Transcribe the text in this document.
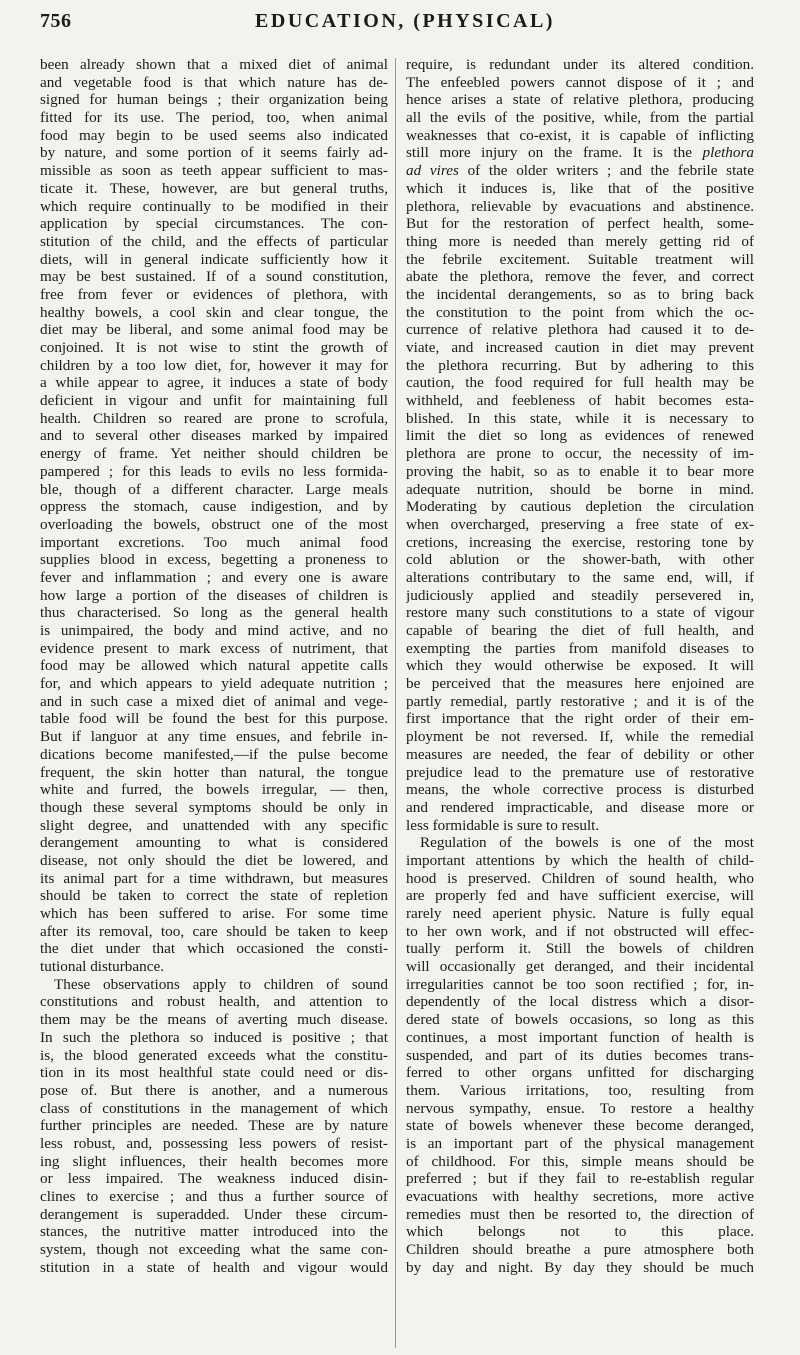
756	EDUCATION, (PHYSICAL)
been already shown that a mixed diet of animal
and vegetable food is that which nature has de-
signed for human beings ; their organization being
fitted for its use. The period, too, when animal
food may begin to be used seems also indicated
by nature, and some portion of it seems fairly ad-
missible as soon as teeth appear sufficient to mas-
ticate it. These, however, are but general truths,
which require continually to be modified in their
application by special circumstances. The con-
stitution of the child, and the effects of particular
diets, will in general indicate sufficiently how it
may be best sustained. If of a sound constitution,
free from fever or evidences of plethora, with
healthy bowels, a cool skin and clear tongue, the
diet may be liberal, and some animal food may be
conjoined. It is not wise to stint the growth of
children by a too low diet, for, however it may for
a while appear to agree, it induces a state of body
deficient in vigour and unfit for maintaining full
health. Children so reared are prone to scrofula,
and to several other diseases marked by impaired
energy of frame. Yet neither should children be
pampered ; for this leads to evils no less formida-
ble, though of a different character. Large meals
oppress the stomach, cause indigestion, and by
overloading the bowels, obstruct one of the most
important excretions. Too much animal food
supplies blood in excess, begetting a proneness to
fever and inflammation ; and every one is aware
how large a portion of the diseases of children is
thus characterised. So long as the general health
is unimpaired, the body and mind active, and no
evidence present to mark excess of nutriment, that
food may be allowed which natural appetite calls
for, and which appears to yield adequate nutrition ;
and in such case a mixed diet of animal and vege-
table food will be found the best for this purpose.
But if languor at any time ensues, and febrile in-
dications become manifested,—if the pulse become
frequent, the skin hotter than natural, the tongue
white and furred, the bowels irregular, — then,
though these several symptoms should be only in
slight degree, and unattended with any specific
derangement amounting to what is considered
disease, not only should the diet be lowered, and
its animal part for a time withdrawn, but measures
should be taken to correct the state of repletion
which has been suffered to arise. For some time
after its removal, too, care should be taken to keep
the diet under that which occasioned the consti-
tutional disturbance.
These observations apply to children of sound
constitutions and robust health, and attention to
them may be the means of averting much disease.
In such the plethora so induced is positive ; that
is, the blood generated exceeds what the constitu-
tion in its most healthful state could need or dis-
pose of. But there is another, and a numerous
class of constitutions in the management of which
further principles are needed. These are by nature
less robust, and, possessing less powers of resist-
ing slight influences, their health becomes more
or less impaired. The weakness induced disin-
clines to exercise ; and thus a further source of
derangement is superadded. Under these circum-
stances, the nutritive matter introduced into the
system, though not exceeding what the same con-
stitution in a state of health and vigour would
require, is redundant under its altered condition.
The enfeebled powers cannot dispose of it ; and
hence arises a state of relative plethora, producing
all the evils of the positive, while, from the partial
weaknesses that co-exist, it is capable of inflicting
still more injury on the frame. It is the plethora
ad vires of the older writers ; and the febrile state
which it induces is, like that of the positive
plethora, relievable by evacuations and abstinence.
But for the restoration of perfect health, some-
thing more is needed than merely getting rid of
the febrile excitement. Suitable treatment will
abate the plethora, remove the fever, and correct
the incidental derangements, so as to bring back
the constitution to the point from which the oc-
currence of relative plethora had caused it to de-
viate, and increased caution in diet may prevent
the plethora recurring. But by adhering to this
caution, the food required for full health may be
withheld, and feebleness of habit becomes esta-
blished. In this state, while it is necessary to
limit the diet so long as evidences of renewed
plethora are prone to occur, the necessity of im-
proving the habit, so as to enable it to bear more
adequate nutrition, should be borne in mind.
Moderating by cautious depletion the circulation
when overcharged, preserving a free state of ex-
cretions, increasing the exercise, restoring tone by
cold ablution or the shower-bath, with other
alterations contributary to the same end, will, if
judiciously applied and steadily persevered in,
restore many such constitutions to a state of vigour
capable of bearing the diet of full health, and
exempting the parties from manifold diseases to
which they would otherwise be exposed. It will
be perceived that the measures here enjoined are
partly remedial, partly restorative ; and it is of the
first importance that the right order of their em-
ployment be not reversed. If, while the remedial
measures are needed, the fear of debility or other
prejudice lead to the premature use of restorative
means, the whole corrective process is disturbed
and rendered impracticable, and disease more or
less formidable is sure to result.
Regulation of the bowels is one of the most
important attentions by which the health of child-
hood is preserved. Children of sound health, who
are properly fed and have sufficient exercise, will
rarely need aperient physic. Nature is fully equal
to her own work, and if not obstructed will effec-
tually perform it. Still the bowels of children
will occasionally get deranged, and their incidental
irregularities cannot be too soon rectified ; for, in-
dependently of the local distress which a disor-
dered state of bowels occasions, so long as this
continues, a most important function of health is
suspended, and part of its duties becomes trans-
ferred to other organs unfitted for discharging
them. Various irritations, too, resulting from
nervous sympathy, ensue. To restore a healthy
state of bowels whenever these become deranged,
is an important part of the physical management
of childhood. For this, simple means should be
preferred ; but if they fail to re-establish regular
evacuations with healthy secretions, more active
remedies must then be resorted to, the direction of
which belongs not to this place.
Children should breathe a pure atmosphere both
by day and night. By day they should be much
